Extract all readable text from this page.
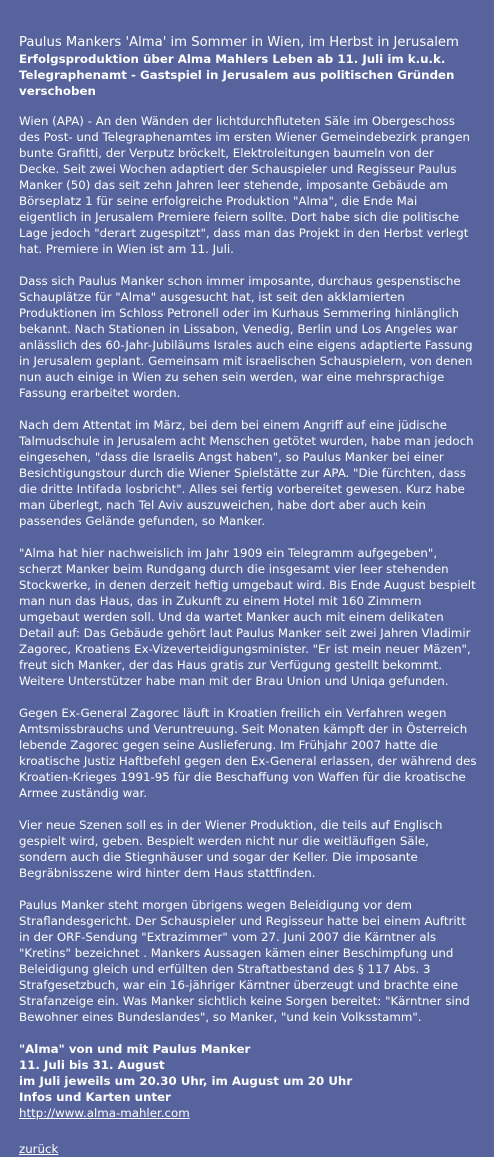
Paulus Mankers 'Alma' im Sommer in Wien, im Herbst in Jerusalem
Erfolgsproduktion über Alma Mahlers Leben ab 11. Juli im k.u.k. Telegraphenamt - Gastspiel in Jerusalem aus politischen Gründen verschoben

Wien (APA) - An den Wänden der lichtdurchfluteten Säle im Obergeschoss des Post- und Telegraphenamtes im ersten Wiener Gemeindebezirk prangen bunte Grafitti, der Verputz bröckelt, Elektroleitungen baumeln von der Decke. Seit zwei Wochen adaptiert der Schauspieler und Regisseur Paulus Manker (50) das seit zehn Jahren leer stehende, imposante Gebäude am Börseplatz 1 für seine erfolgreiche Produktion "Alma", die Ende Mai eigentlich in Jerusalem Premiere feiern sollte. Dort habe sich die politische Lage jedoch "derart zugespitzt", dass man das Projekt in den Herbst verlegt hat. Premiere in Wien ist am 11. Juli.

Dass sich Paulus Manker schon immer imposante, durchaus gespenstische Schauplätze für "Alma" ausgesucht hat, ist seit den akklamierten Produktionen im Schloss Petronell oder im Kurhaus Semmering hinlänglich bekannt. Nach Stationen in Lissabon, Venedig, Berlin und Los Angeles war anlässlich des 60-Jahr-Jubiläums Israles auch eine eigens adaptierte Fassung in Jerusalem geplant. Gemeinsam mit israelischen Schauspielern, von denen nun auch einige in Wien zu sehen sein werden, war eine mehrsprachige Fassung erarbeitet worden.

Nach dem Attentat im März, bei dem bei einem Angriff auf eine jüdische Talmudschule in Jerusalem acht Menschen getötet wurden, habe man jedoch eingesehen, "dass die Israelis Angst haben", so Paulus Manker bei einer Besichtigungstour durch die Wiener Spielstätte zur APA. "Die fürchten, dass die dritte Intifada losbricht". Alles sei fertig vorbereitet gewesen. Kurz habe man überlegt, nach Tel Aviv auszuweichen, habe dort aber auch kein passendes Gelände gefunden, so Manker.

"Alma hat hier nachweislich im Jahr 1909 ein Telegramm aufgegeben", scherzt Manker beim Rundgang durch die insgesamt vier leer stehenden Stockwerke, in denen derzeit heftig umgebaut wird. Bis Ende August bespielt man nun das Haus, das in Zukunft zu einem Hotel mit 160 Zimmern umgebaut werden soll. Und da wartet Manker auch mit einem delikaten Detail auf: Das Gebäude gehört laut Paulus Manker seit zwei Jahren Vladimir Zagorec, Kroatiens Ex-Vizeverteidigungsminister. "Er ist mein neuer Mäzen", freut sich Manker, der das Haus gratis zur Verfügung gestellt bekommt. Weitere Unterstützer habe man mit der Brau Union und Uniqa gefunden.

Gegen Ex-General Zagorec läuft in Kroatien freilich ein Verfahren wegen Amtsmissbrauchs und Veruntreuung. Seit Monaten kämpft der in Österreich lebende Zagorec gegen seine Auslieferung. Im Frühjahr 2007 hatte die kroatische Justiz Haftbefehl gegen den Ex-General erlassen, der während des Kroatien-Krieges 1991-95 für die Beschaffung von Waffen für die kroatische Armee zuständig war.

Vier neue Szenen soll es in der Wiener Produktion, die teils auf Englisch gespielt wird, geben. Bespielt werden nicht nur die weitläufigen Säle, sondern auch die Stiegnhäuser und sogar der Keller. Die imposante Begräbnisszene wird hinter dem Haus stattfinden.

Paulus Manker steht morgen übrigens wegen Beleidigung vor dem Straflandesgericht. Der Schauspieler und Regisseur hatte bei einem Auftritt in der ORF-Sendung "Extrazimmer" vom 27. Juni 2007 die Kärntner als "Kretins" bezeichnet . Mankers Aussagen kämen einer Beschimpfung und Beleidigung gleich und erfüllten den Straftatbestand des § 117 Abs. 3 Strafgesetzbuch, war ein 16-jähriger Kärntner überzeugt und brachte eine Strafanzeige ein. Was Manker sichtlich keine Sorgen bereitet: "Kärntner sind Bewohner eines Bundeslandes", so Manker, "und kein Volksstamm".

"Alma" von und mit Paulus Manker
11. Juli bis 31. August
im Juli jeweils um 20.30 Uhr, im August um 20 Uhr
Infos und Karten unter
http://www.alma-mahler.com
zurück
